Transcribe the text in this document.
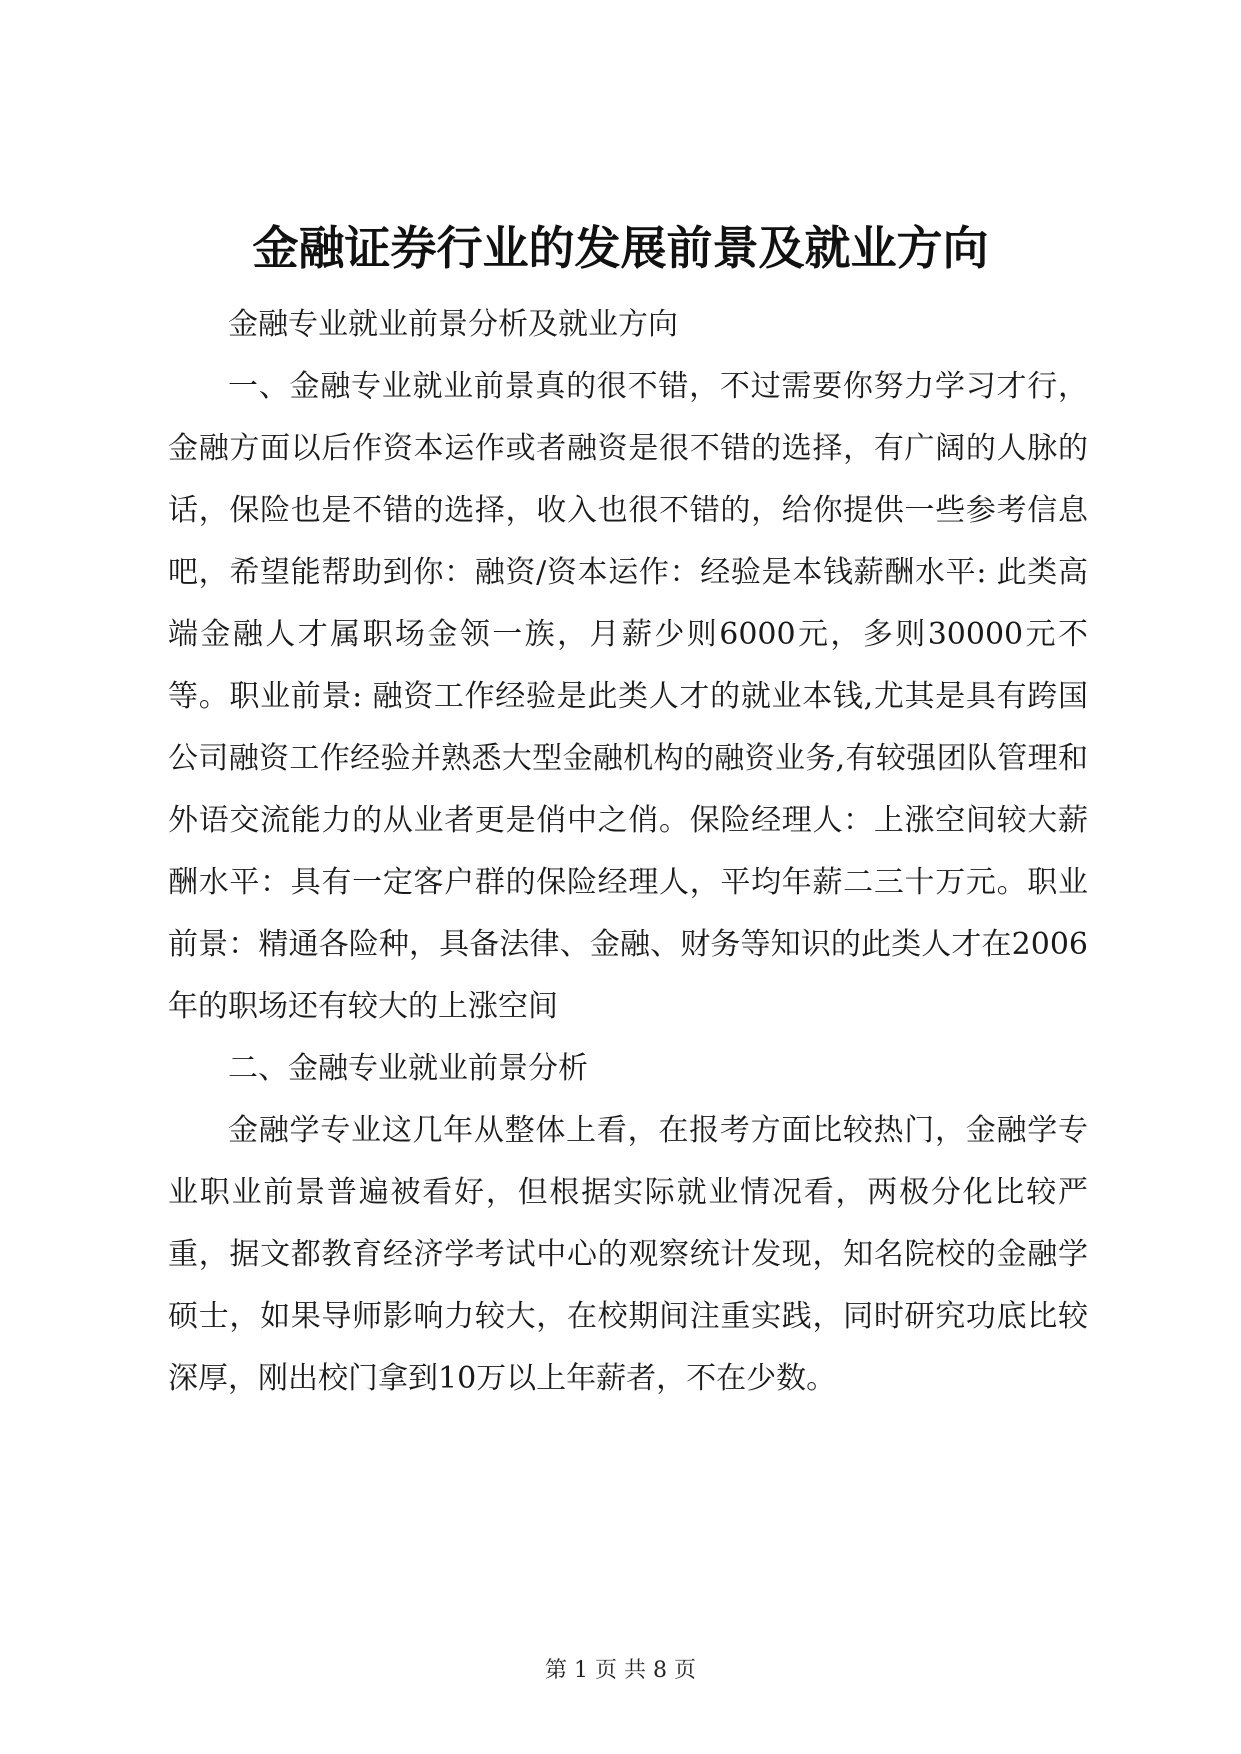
金融证券行业的发展前景及就业方向

金融专业就业前景分析及就业方向

一、金融专业就业前景真的很不错，不过需要你努力学习才行，金融方面以后作资本运作或者融资是很不错的选择，有广阔的人脉的话，保险也是不错的选择，收入也很不错的，给你提供一些参考信息吧，希望能帮助到你：融资/资本运作：经验是本钱薪酬水平: 此类高端金融人才属职场金领一族，月薪少则6000元，多则30000元不等。职业前景: 融资工作经验是此类人才的就业本钱,尤其是具有跨国公司融资工作经验并熟悉大型金融机构的融资业务,有较强团队管理和外语交流能力的从业者更是俏中之俏。保险经理人：上涨空间较大薪酬水平：具有一定客户群的保险经理人，平均年薪二三十万元。职业前景：精通各险种，具备法律、金融、财务等知识的此类人才在2006年的职场还有较大的上涨空间

二、金融专业就业前景分析

金融学专业这几年从整体上看，在报考方面比较热门，金融学专业职业前景普遍被看好，但根据实际就业情况看，两极分化比较严重，据文都教育经济学考试中心的观察统计发现，知名院校的金融学硕士，如果导师影响力较大，在校期间注重实践，同时研究功底比较深厚，刚出校门拿到10万以上年薪者，不在少数。

第 1 页 共 8 页
